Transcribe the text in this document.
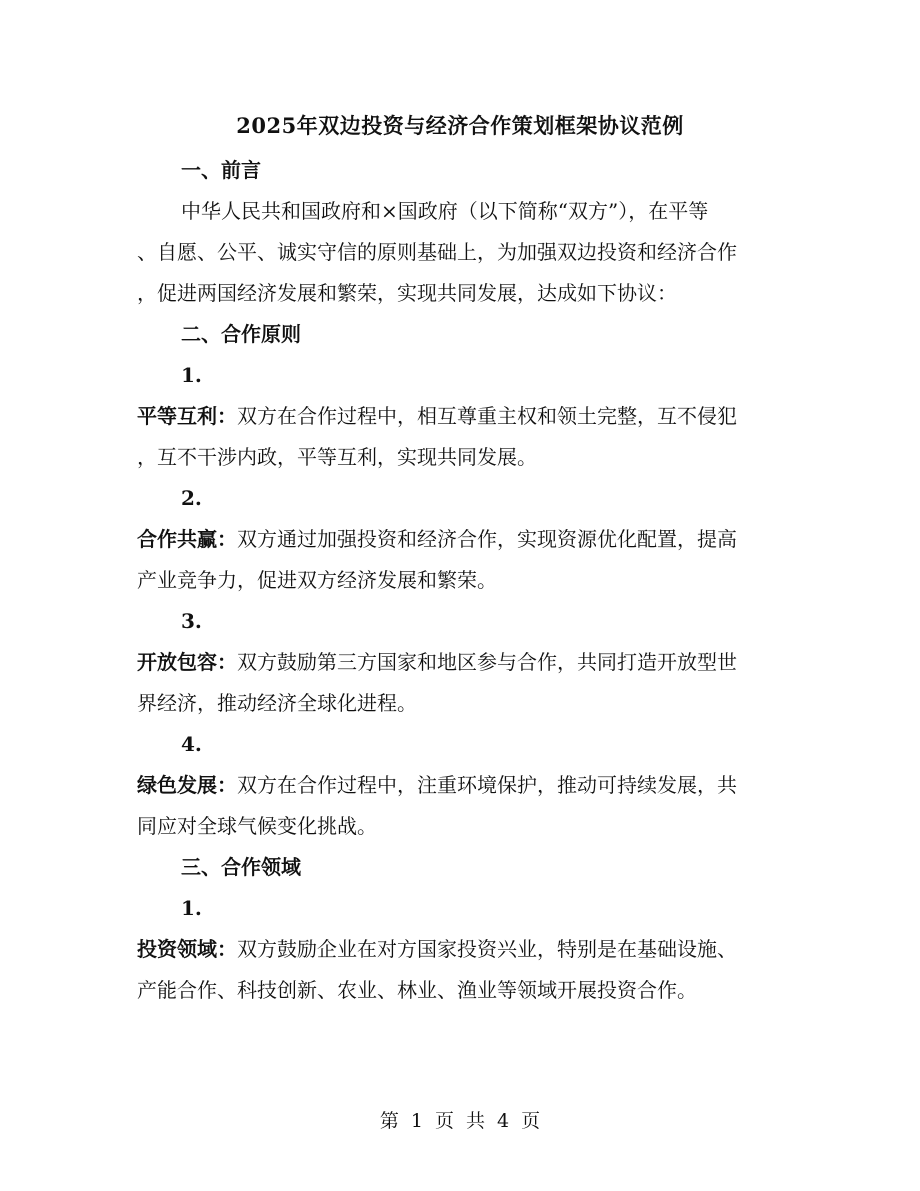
2025年双边投资与经济合作策划框架协议范例
一、前言
中华人民共和国政府和×国政府（以下简称“双方”），在平等
、自愿、公平、诚实守信的原则基础上，为加强双边投资和经济合作
，促进两国经济发展和繁荣，实现共同发展，达成如下协议：
二、合作原则
1.
平等互利：双方在合作过程中，相互尊重主权和领土完整，互不侵犯
，互不干涉内政，平等互利，实现共同发展。
2.
合作共赢：双方通过加强投资和经济合作，实现资源优化配置，提高
产业竞争力，促进双方经济发展和繁荣。
3.
开放包容：双方鼓励第三方国家和地区参与合作，共同打造开放型世
界经济，推动经济全球化进程。
4.
绿色发展：双方在合作过程中，注重环境保护，推动可持续发展，共
同应对全球气候变化挑战。
三、合作领域
1.
投资领域：双方鼓励企业在对方国家投资兴业，特别是在基础设施、
产能合作、科技创新、农业、林业、渔业等领域开展投资合作。
第 1 页 共 4 页
